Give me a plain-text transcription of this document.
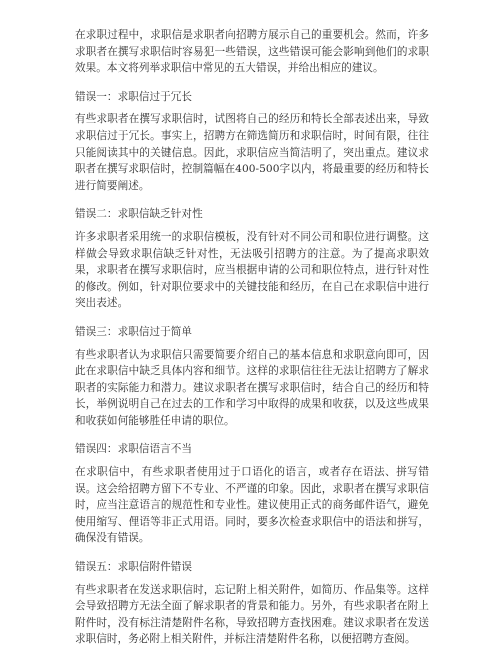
在求职过程中，求职信是求职者向招聘方展示自己的重要机会。然而，许多求职者在撰写求职信时容易犯一些错误，这些错误可能会影响到他们的求职效果。本文将列举求职信中常见的五大错误，并给出相应的建议。

错误一：求职信过于冗长

有些求职者在撰写求职信时，试图将自己的经历和特长全部表述出来，导致求职信过于冗长。事实上，招聘方在筛选简历和求职信时，时间有限，往往只能阅读其中的关键信息。因此，求职信应当简洁明了，突出重点。建议求职者在撰写求职信时，控制篇幅在400-500字以内，将最重要的经历和特长进行简要阐述。

错误二：求职信缺乏针对性

许多求职者采用统一的求职信模板，没有针对不同公司和职位进行调整。这样做会导致求职信缺乏针对性，无法吸引招聘方的注意。为了提高求职效果，求职者在撰写求职信时，应当根据申请的公司和职位特点，进行针对性的修改。例如，针对职位要求中的关键技能和经历，在自己在求职信中进行突出表述。

错误三：求职信过于简单

有些求职者认为求职信只需要简要介绍自己的基本信息和求职意向即可，因此在求职信中缺乏具体内容和细节。这样的求职信往往无法让招聘方了解求职者的实际能力和潜力。建议求职者在撰写求职信时，结合自己的经历和特长，举例说明自己在过去的工作和学习中取得的成果和收获，以及这些成果和收获如何能够胜任申请的职位。

错误四：求职信语言不当

在求职信中，有些求职者使用过于口语化的语言，或者存在语法、拼写错误。这会给招聘方留下不专业、不严谨的印象。因此，求职者在撰写求职信时，应当注意语言的规范性和专业性。建议使用正式的商务邮件语气，避免使用缩写、俚语等非正式用语。同时，要多次检查求职信中的语法和拼写，确保没有错误。

错误五：求职信附件错误

有些求职者在发送求职信时，忘记附上相关附件，如简历、作品集等。这样会导致招聘方无法全面了解求职者的背景和能力。另外，有些求职者在附上附件时，没有标注清楚附件名称，导致招聘方查找困难。建议求职者在发送求职信时，务必附上相关附件，并标注清楚附件名称，以便招聘方查阅。
